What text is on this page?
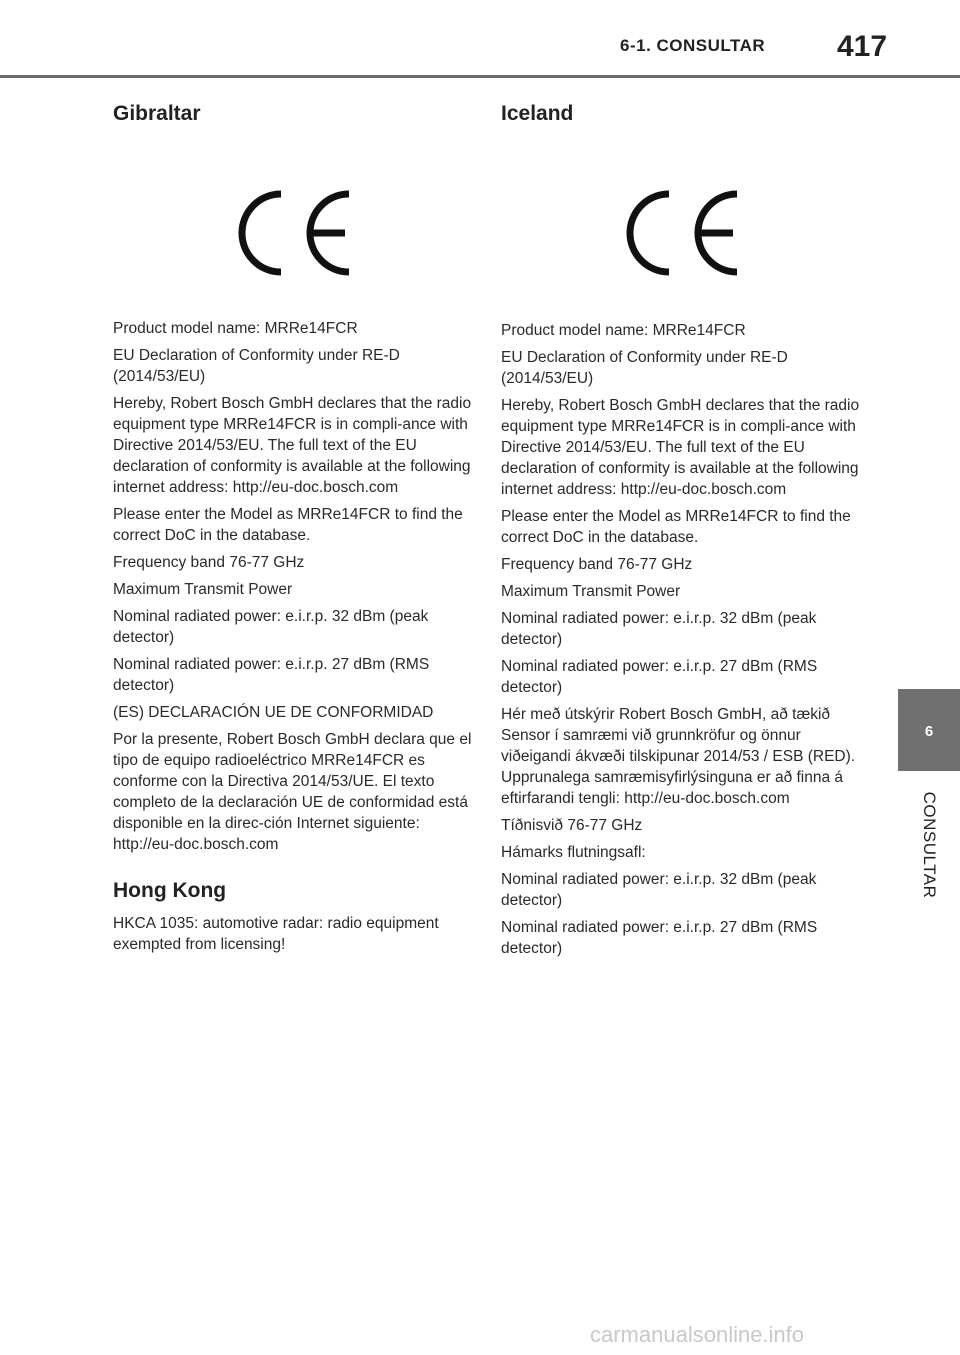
6-1. CONSULTAR	417
Gibraltar

Product model name: MRRe14FCR

EU Declaration of Conformity under RE-D (2014/53/EU)

Hereby, Robert Bosch GmbH declares that the radio equipment type MRRe14FCR is in compli-ance with Directive 2014/53/EU. The full text of the EU declaration of conformity is available at the following internet address: http://eu-doc.bosch.com

Please enter the Model as MRRe14FCR to find the correct DoC in the database.

Frequency band 76-77 GHz

Maximum Transmit Power

Nominal radiated power: e.i.r.p. 32 dBm (peak detector)

Nominal radiated power: e.i.r.p. 27 dBm (RMS detector)

(ES) DECLARACIÓN UE DE CONFORMIDAD

Por la presente, Robert Bosch GmbH declara que el tipo de equipo radioeléctrico MRRe14FCR es conforme con la Directiva 2014/53/UE. El texto completo de la declaración UE de conformidad está disponible en la direc-ción Internet siguiente: http://eu-doc.bosch.com

Hong Kong

HKCA 1035: automotive radar: radio equipment exempted from licensing!

Iceland

Product model name: MRRe14FCR

EU Declaration of Conformity under RE-D (2014/53/EU)

Hereby, Robert Bosch GmbH declares that the radio equipment type MRRe14FCR is in compli-ance with Directive 2014/53/EU. The full text of the EU declaration of conformity is available at the following internet address: http://eu-doc.bosch.com

Please enter the Model as MRRe14FCR to find the correct DoC in the database.

Frequency band 76-77 GHz

Maximum Transmit Power

Nominal radiated power: e.i.r.p. 32 dBm (peak detector)

Nominal radiated power: e.i.r.p. 27 dBm (RMS detector)

Hér með útskýrir Robert Bosch GmbH, að tækið Sensor í samræmi við grunnkröfur og önnur viðeigandi ákvæði tilskipunar 2014/53 / ESB (RED). Upprunalega samræmisyfirlýsinguna er að finna á eftirfarandi tengli: http://eu-doc.bosch.com

Tíðnisvið 76-77 GHz

Hámarks flutningsafl:

Nominal radiated power: e.i.r.p. 32 dBm (peak detector)

Nominal radiated power: e.i.r.p. 27 dBm (RMS detector)

6
CONSULTAR
carmanualsonline.info
